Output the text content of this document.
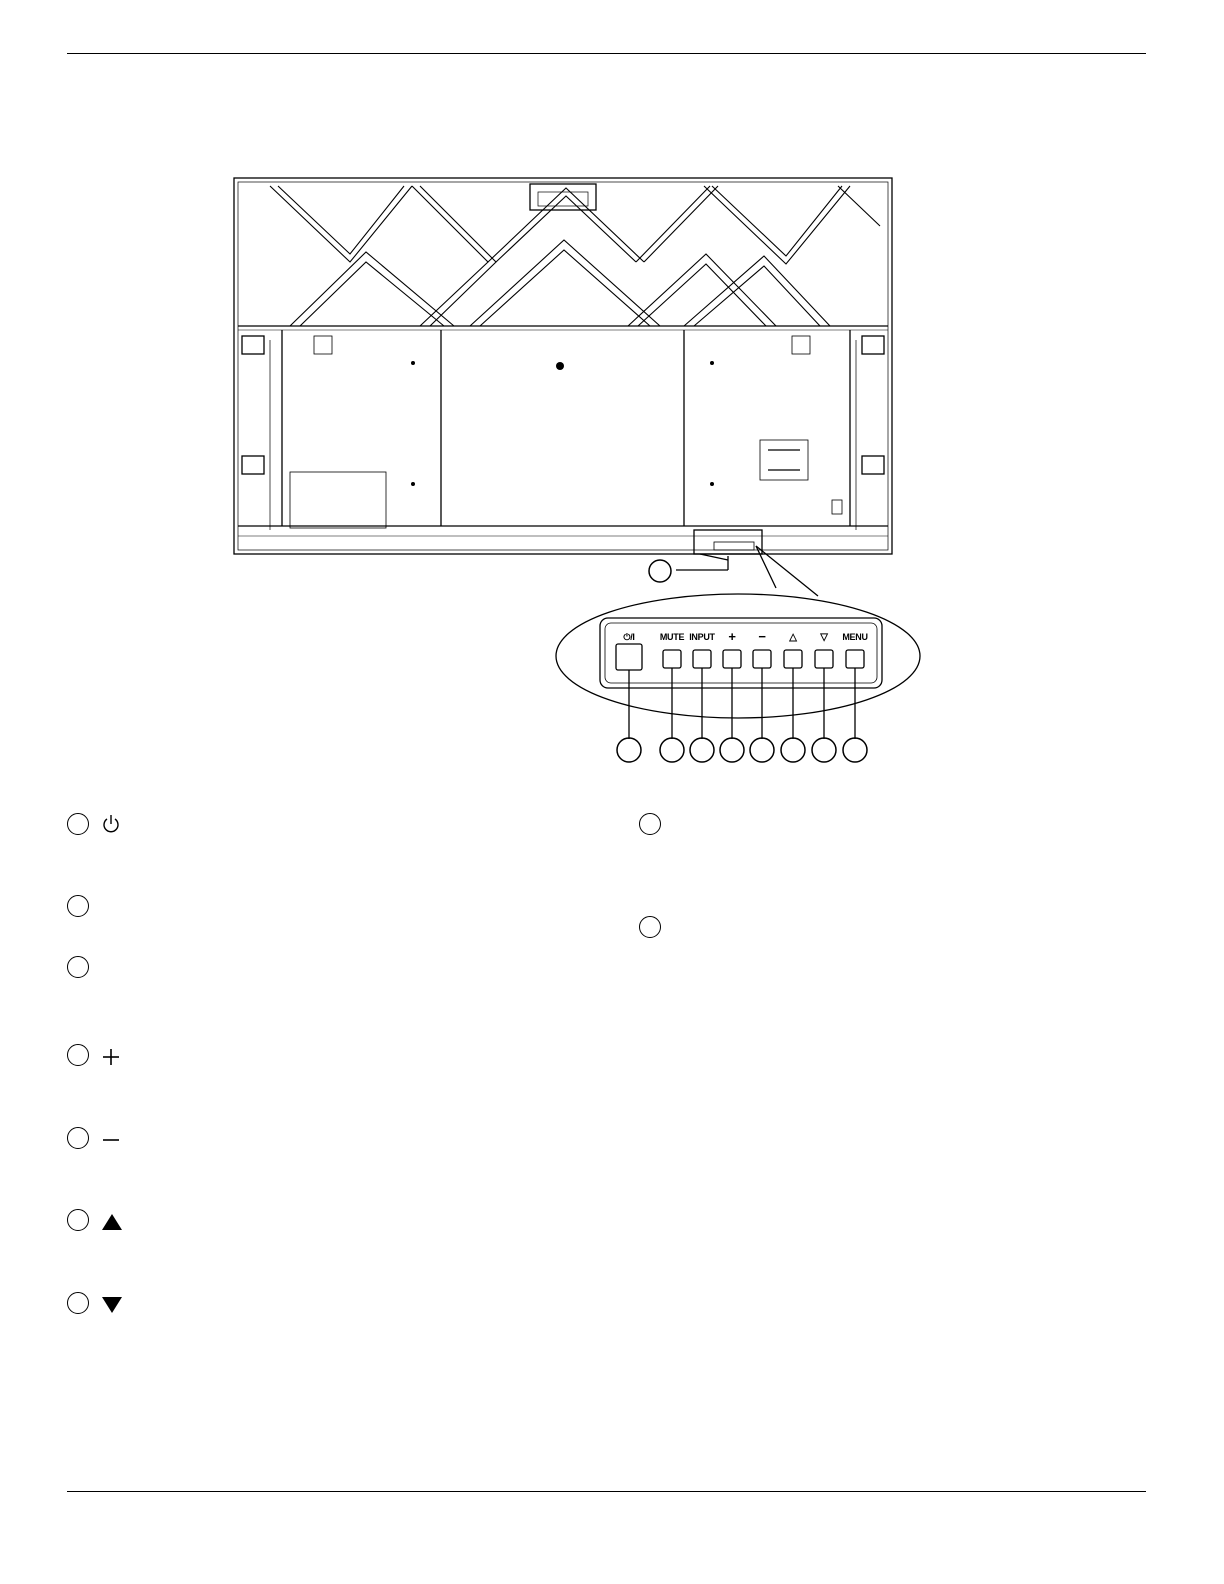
⏻/I	MUTE INPUT + − △ ▽ MENU
